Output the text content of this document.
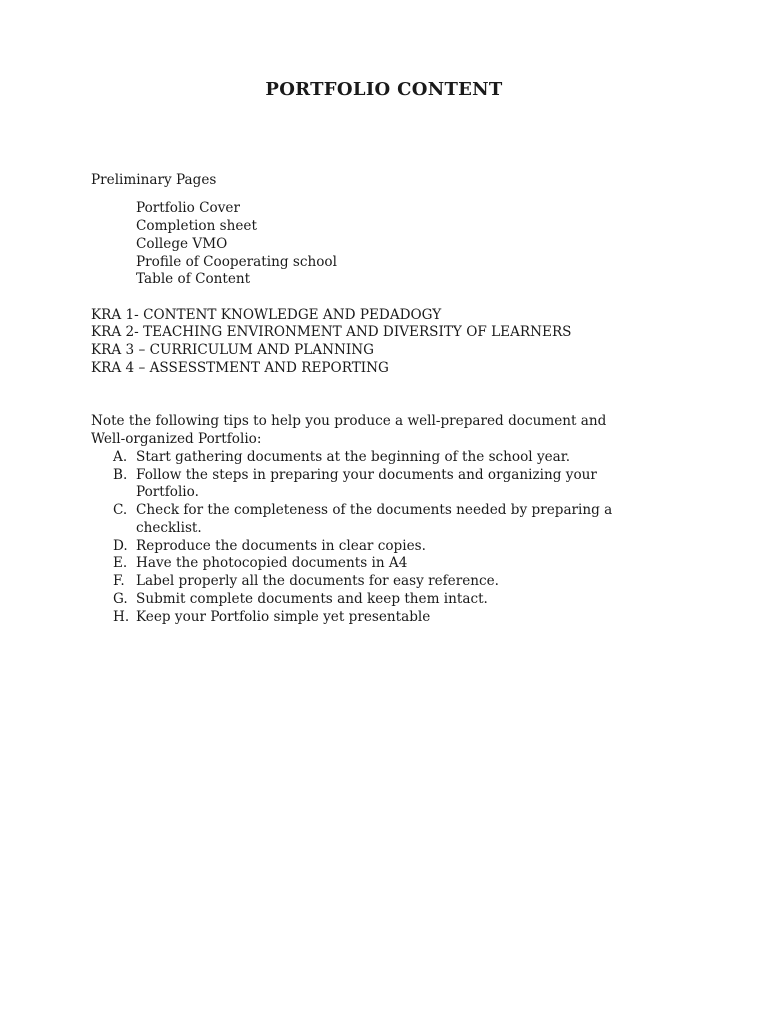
PORTFOLIO CONTENT

Preliminary Pages

Portfolio Cover

Completion sheet

College VMO

Profile of Cooperating school

Table of Content

KRA 1- CONTENT KNOWLEDGE AND PEDADOGY

KRA 2- TEACHING ENVIRONMENT AND DIVERSITY OF LEARNERS

KRA 3 – CURRICULUM AND PLANNING

KRA 4 – ASSESSTMENT AND REPORTING

Note the following tips to help you produce a well-prepared document and

Well-organized Portfolio:

A. Start gathering documents at the beginning of the school year.
B. Follow the steps in preparing your documents and organizing your
Portfolio.
C. Check for the completeness of the documents needed by preparing a
checklist.
D. Reproduce the documents in clear copies.
E. Have the photocopied documents in A4
F. Label properly all the documents for easy reference.
G. Submit complete documents and keep them intact.
H. Keep your Portfolio simple yet presentable
